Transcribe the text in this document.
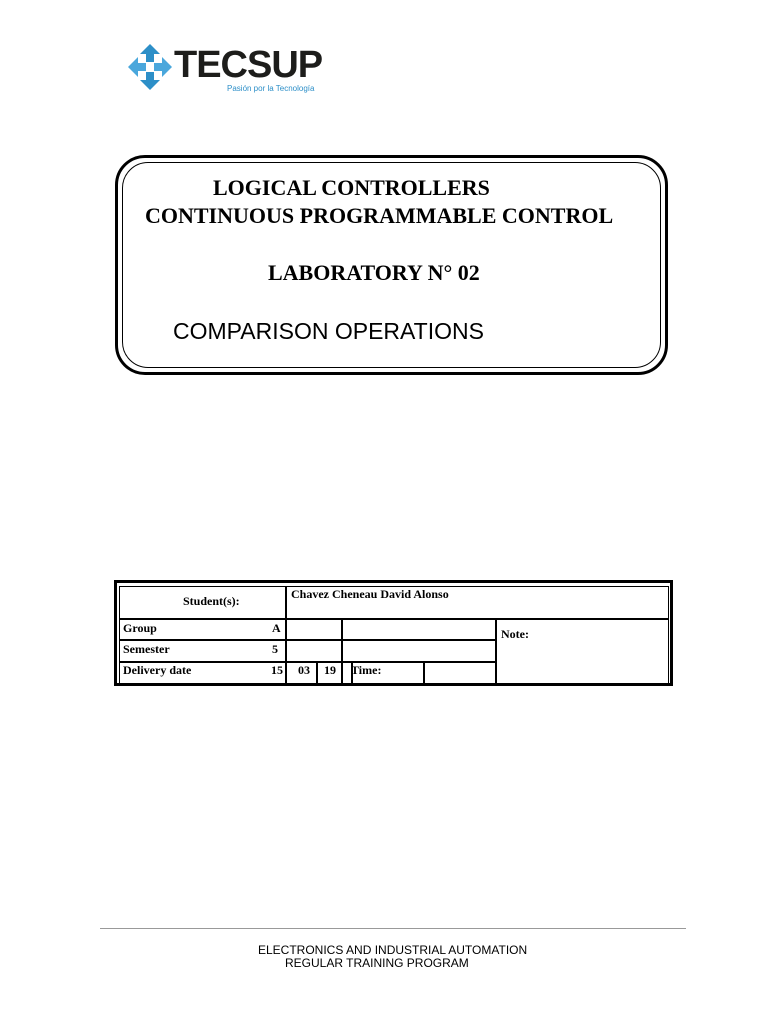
TECSUP
Pasión por la Tecnología
LOGICAL CONTROLLERS
CONTINUOUS PROGRAMMABLE CONTROL
LABORATORY N° 02
COMPARISON OPERATIONS
Student(s):	Chavez Cheneau David Alonso
Group	A
Semester	5
Delivery date	15 03 19 Time:
Note:
ELECTRONICS AND INDUSTRIAL AUTOMATION
REGULAR TRAINING PROGRAM
